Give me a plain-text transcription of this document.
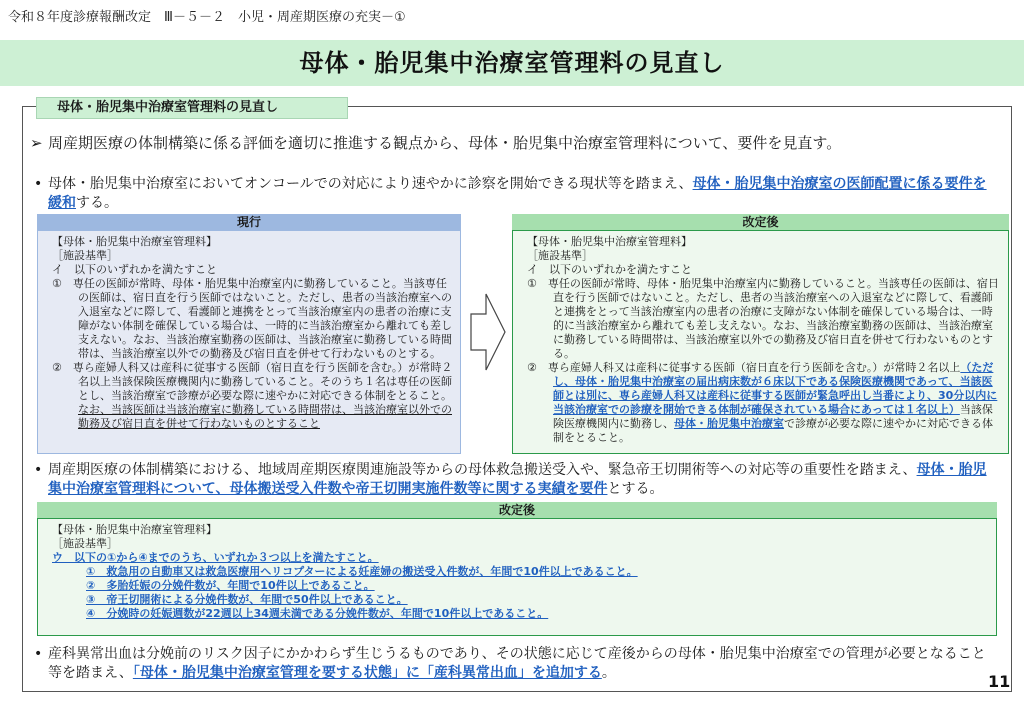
令和８年度診療報酬改定　Ⅲ－５－２　小児・周産期医療の充実－①
母体・胎児集中治療室管理料の見直し
母体・胎児集中治療室管理料の見直し
➢ 周産期医療の体制構築に係る評価を適切に推進する観点から、母体・胎児集中治療室管理料について、要件を見直す。
• 母体・胎児集中治療室においてオンコールでの対応により速やかに診察を開始できる現状等を踏まえ、母体・胎児集中治療室の医師配置に係る要件を緩和する。
現行	改定後
【母体・胎児集中治療室管理料】
［施設基準］
イ　以下のいずれかを満たすこと
①　専任の医師が常時、母体・胎児集中治療室内に勤務していること。当該専任の医師は、宿日直を行う医師ではないこと。ただし、患者の当該治療室への入退室などに際して、看護師と連携をとって当該治療室内の患者の治療に支障がない体制を確保している場合は、一時的に当該治療室から離れても差し支えない。なお、当該治療室勤務の医師は、当該治療室に勤務している時間帯は、当該治療室以外での勤務及び宿日直を併せて行わないものとする。
②　専ら産婦人科又は産科に従事する医師（宿日直を行う医師を含む。）が常時２名以上当該保険医療機関内に勤務していること。そのうち１名は専任の医師とし、当該治療室で診療が必要な際に速やかに対応できる体制をとること。なお、当該医師は当該治療室に勤務している時間帯は、当該治療室以外での勤務及び宿日直を併せて行わないものとすること
【母体・胎児集中治療室管理料】
［施設基準］
イ　以下のいずれかを満たすこと
①　専任の医師が常時、母体・胎児集中治療室内に勤務していること。当該専任の医師は、宿日直を行う医師ではないこと。ただし、患者の当該治療室への入退室などに際して、看護師と連携をとって当該治療室内の患者の治療に支障がない体制を確保している場合は、一時的に当該治療室から離れても差し支えない。なお、当該治療室勤務の医師は、当該治療室に勤務している時間帯は、当該治療室以外での勤務及び宿日直を併せて行わないものとする。
②　専ら産婦人科又は産科に従事する医師（宿日直を行う医師を含む。）が常時２名以上（ただし、母体・胎児集中治療室の届出病床数が６床以下である保険医療機関であって、当該医師とは別に、専ら産婦人科又は産科に従事する医師が緊急呼出し当番により、30分以内に当該治療室での診療を開始できる体制が確保されている場合にあっては１名以上）当該保険医療機関内に勤務し、母体・胎児集中治療室で診療が必要な際に速やかに対応できる体制をとること。
• 周産期医療の体制構築における、地域周産期医療関連施設等からの母体救急搬送受入や、緊急帝王切開術等への対応等の重要性を踏まえ、母体・胎児集中治療室管理料について、母体搬送受入件数や帝王切開実施件数等に関する実績を要件とする。
改定後
【母体・胎児集中治療室管理料】
［施設基準］
ウ　以下の①から④までのうち、いずれか３つ以上を満たすこと。
①　救急用の自動車又は救急医療用ヘリコプターによる妊産婦の搬送受入件数が、年間で10件以上であること。
②　多胎妊娠の分娩件数が、年間で10件以上であること。
③　帝王切開術による分娩件数が、年間で50件以上であること。
④　分娩時の妊娠週数が22週以上34週未満である分娩件数が、年間で10件以上であること。
• 産科異常出血は分娩前のリスク因子にかかわらず生じうるものであり、その状態に応じて産後からの母体・胎児集中治療室での管理が必要となること等を踏まえ、「母体・胎児集中治療室管理を要する状態」に「産科異常出血」を追加する。	11
